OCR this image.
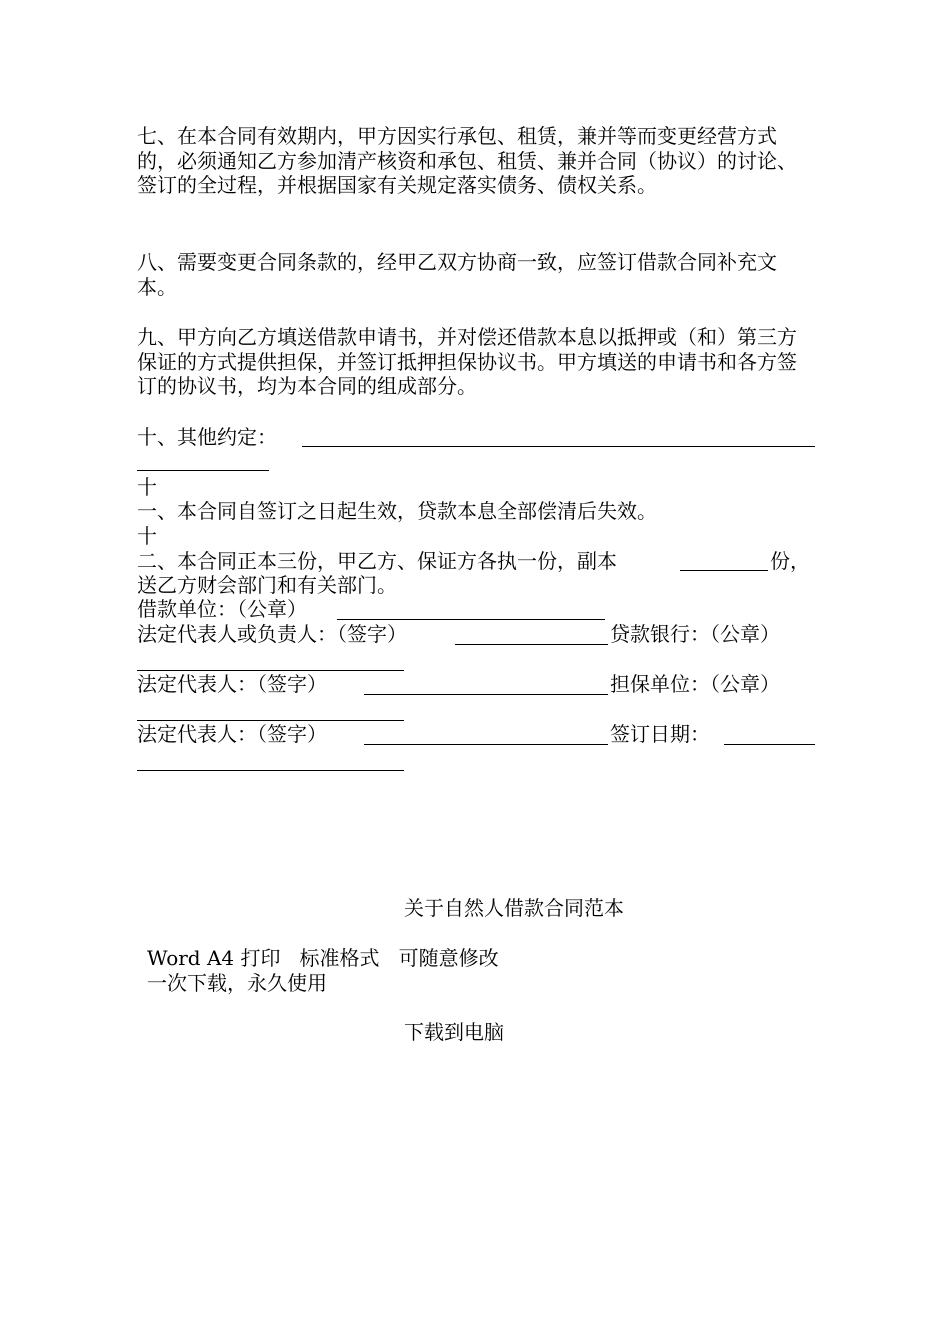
七、在本合同有效期内，甲方因实行承包、租赁，兼并等而变更经营方式的，必须通知乙方参加清产核资和承包、租赁、兼并合同（协议）的讨论、签订的全过程，并根据国家有关规定落实债务、债权关系。
八、需要变更合同条款的，经甲乙双方协商一致，应签订借款合同补充文本。
九、甲方向乙方填送借款申请书，并对偿还借款本息以抵押或（和）第三方保证的方式提供担保，并签订抵押担保协议书。甲方填送的申请书和各方签订的协议书，均为本合同的组成部分。
十、其他约定：
十
一、本合同自签订之日起生效，贷款本息全部偿清后失效。
十
二、本合同正本三份，甲乙方、保证方各执一份，副本	份，
送乙方财会部门和有关部门。
借款单位：（公章）
法定代表人或负责人：（签字）	贷款银行：（公章）
法定代表人：（签字）	担保单位：（公章）
法定代表人：（签字）	签订日期：
关于自然人借款合同范本
Word A4 打印   标准格式   可随意修改
一次下载，永久使用
下载到电脑
